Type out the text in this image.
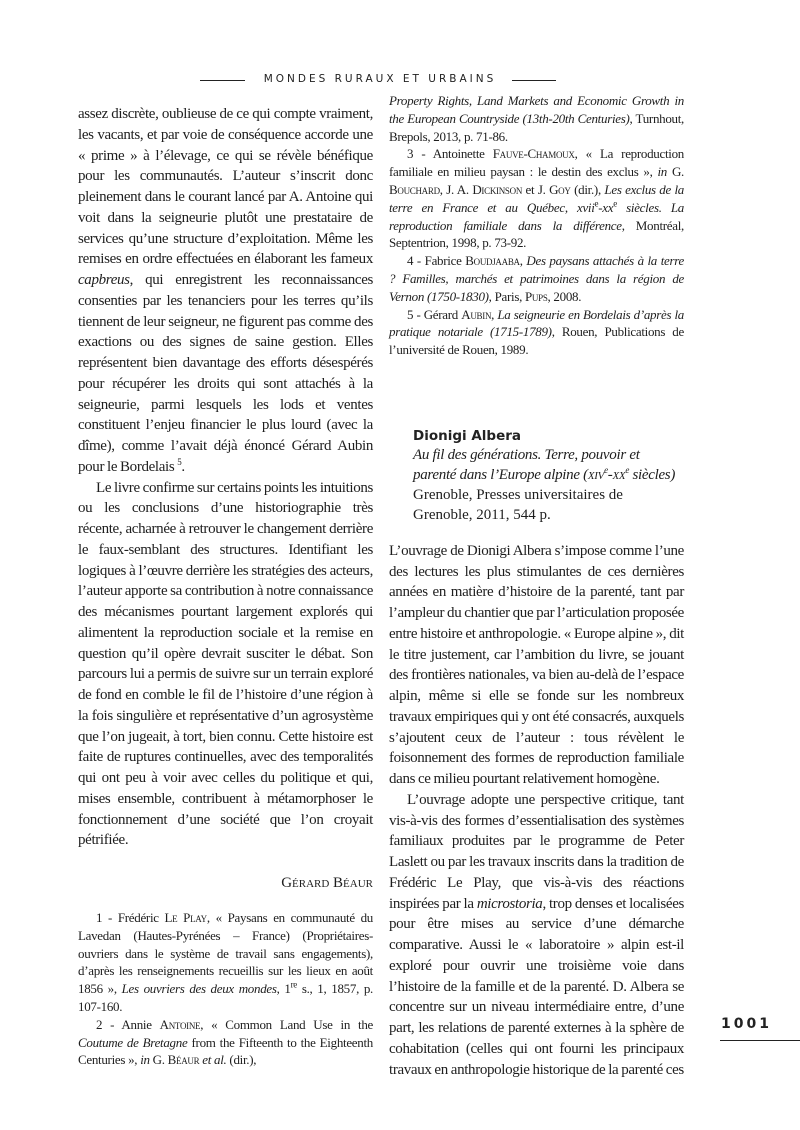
MONDES RURAUX ET URBAINS

assez discrète, oublieuse de ce qui compte vraiment, les vacants, et par voie de conséquence accorde une « prime » à l’élevage, ce qui se révèle bénéfique pour les communautés. L’auteur s’inscrit donc pleinement dans le courant lancé par A. Antoine qui voit dans la seigneurie plutôt une prestataire de services qu’une structure d’exploitation. Même les remises en ordre effectuées en élaborant les fameux capbreus, qui enregistrent les reconnaissances consenties par les tenanciers pour les terres qu’ils tiennent de leur seigneur, ne figurent pas comme des exactions ou des signes de saine gestion. Elles représentent bien davantage des efforts désespérés pour récupérer les droits qui sont attachés à la seigneurie, parmi lesquels les lods et ventes constituent l’enjeu financier le plus lourd (avec la dîme), comme l’avait déjà énoncé Gérard Aubin pour le Bordelais $^5$.

Le livre confirme sur certains points les intuitions ou les conclusions d’une historiographie très récente, acharnée à retrouver le changement derrière le faux-semblant des structures. Identifiant les logiques à l’œuvre derrière les stratégies des acteurs, l’auteur apporte sa contribution à notre connaissance des mécanismes pourtant largement explorés qui alimentent la reproduction sociale et la remise en question qu’il opère devrait susciter le débat. Son parcours lui a permis de suivre sur un terrain exploré de fond en comble le fil de l’histoire d’une région à la fois singulière et représentative d’un agrosystème que l’on jugeait, à tort, bien connu. Cette histoire est faite de ruptures continuelles, avec des temporalités qui ont peu à voir avec celles du politique et qui, mises ensemble, contribuent à métamorphoser le fonctionnement d’une société que l’on croyait pétrifiée.

Gérard Béaur

1 - Frédéric Le Play, « Paysans en communauté du Lavedan (Hautes-Pyrénées – France) (Propriétaires-ouvriers dans le système de travail sans engagements), d’après les renseignements recueillis sur les lieux en août 1856 », Les ouvriers des deux mondes, 1re s., 1, 1857, p. 107-160.

2 - Annie Antoine, « Common Land Use in the Coutume de Bretagne from the Fifteenth to the Eighteenth Centuries », in G. Béaur et al. (dir.),

Property Rights, Land Markets and Economic Growth in the European Countryside (13th-20th Centuries), Turnhout, Brepols, 2013, p. 71-86.

3 - Antoinette Fauve-Chamoux, « La reproduction familiale en milieu paysan : le destin des exclus », in G. Bouchard, J. A. Dickinson et J. Goy (dir.), Les exclus de la terre en France et au Québec, $xvii^e-xx^e$ siècles. La reproduction familiale dans la différence, Montréal, Septentrion, 1998, p. 73-92.

4 - Fabrice Boudjaaba, Des paysans attachés à la terre ? Familles, marchés et patrimoines dans la région de Vernon (1750-1830), Paris, Pups, 2008.

5 - Gérard Aubin, La seigneurie en Bordelais d’après la pratique notariale (1715-1789), Rouen, Publications de l’université de Rouen, 1989.

Dionigi Albera
Au fil des générations. Terre, pouvoir et parenté dans l’Europe alpine ($xiv^e-xx^e$ siècles)
Grenoble, Presses universitaires de
Grenoble, 2011, 544 p.

L’ouvrage de Dionigi Albera s’impose comme l’une des lectures les plus stimulantes de ces dernières années en matière d’histoire de la parenté, tant par l’ampleur du chantier que par l’articulation proposée entre histoire et anthropologie. « Europe alpine », dit le titre justement, car l’ambition du livre, se jouant des frontières nationales, va bien au-delà de l’espace alpin, même si elle se fonde sur les nombreux travaux empiriques qui y ont été consacrés, auxquels s’ajoutent ceux de l’auteur : tous révèlent le foisonnement des formes de reproduction familiale dans ce milieu pourtant relativement homogène.

L’ouvrage adopte une perspective critique, tant vis-à-vis des formes d’essentialisation des systèmes familiaux produites par le programme de Peter Laslett ou par les travaux inscrits dans la tradition de Frédéric Le Play, que vis-à-vis des réactions inspirées par la microstoria, trop denses et localisées pour être mises au service d’une démarche comparative. Aussi le « laboratoire » alpin est-il exploré pour ouvrir une troisième voie dans l’histoire de la famille et de la parenté. D. Albera se concentre sur un niveau intermédiaire entre, d’une part, les relations de parenté externes à la sphère de cohabitation (celles qui ont fourni les principaux travaux en anthropologie historique de la parenté ces

1001
